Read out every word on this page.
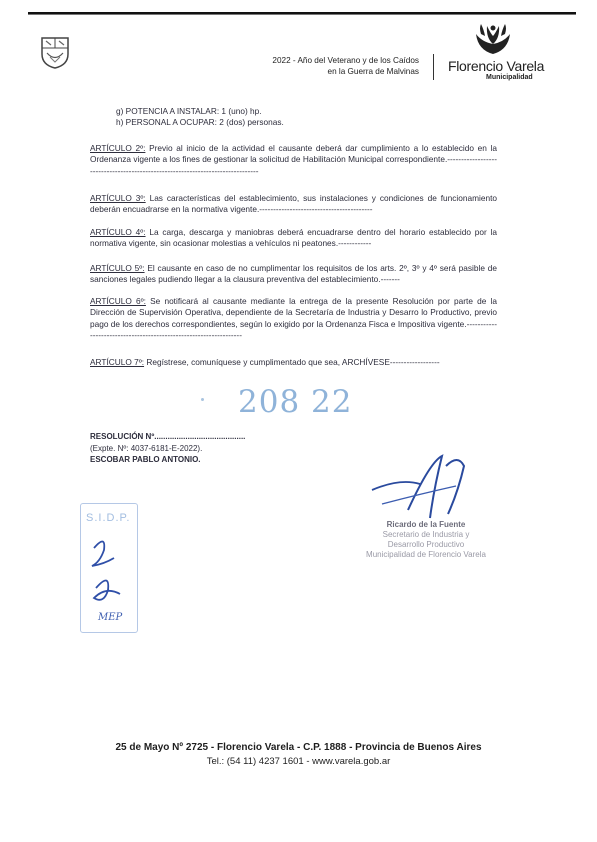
2022 - Año del Veterano y de los Caídos
en la Guerra de Malvinas Florencio Varela
Municipalidad
g) POTENCIA A INSTALAR: 1 (uno) hp.
h) PERSONAL A OCUPAR: 2 (dos) personas.
ARTÍCULO 2º: Previo al inicio de la actividad el causante deberá dar cumplimiento a lo establecido en la Ordenanza vigente a los fines de gestionar la solicitud de Habilitación Municipal correspondiente.-------------------------------------------------------------------------------
ARTÍCULO 3º: Las características del establecimiento, sus instalaciones y condiciones de funcionamiento deberán encuadrarse en la normativa vigente.-----------------------------------------
ARTÍCULO 4º: La carga, descarga y maniobras deberá encuadrarse dentro del horario establecido por la normativa vigente, sin ocasionar molestias a vehículos ni peatones.------------
ARTÍCULO 5º: El causante en caso de no cumplimentar los requisitos de los arts. 2º, 3º y 4º será pasible de sanciones legales pudiendo llegar a la clausura preventiva del establecimiento.-------
ARTÍCULO 6º: Se notificará al causante mediante la entrega de la presente Resolución por parte de la Dirección de Supervisión Operativa, dependiente de la Secretaría de Industria y Desarro lo Productivo, previo pago de los derechos correspondientes, según lo exigido por la Ordenanza Fisca e Impositiva vigente.------------------------------------------------------------------
ARTÍCULO 7º: Regístrese, comuníquese y cumplimentado que sea, ARCHÍVESE------------------
208 22
RESOLUCIÓN Nº.........................................
(Expte. Nº: 4037-6181-E-2022).
ESCOBAR PABLO ANTONIO.
S.I.D.P.
MEP
Ricardo de la Fuente
Secretario de Industria y
Desarrollo Productivo
Municipalidad de Florencio Varela
25 de Mayo Nº 2725 - Florencio Varela - C.P. 1888 - Provincia de Buenos Aires
Tel.: (54 11) 4237 1601 - www.varela.gob.ar
